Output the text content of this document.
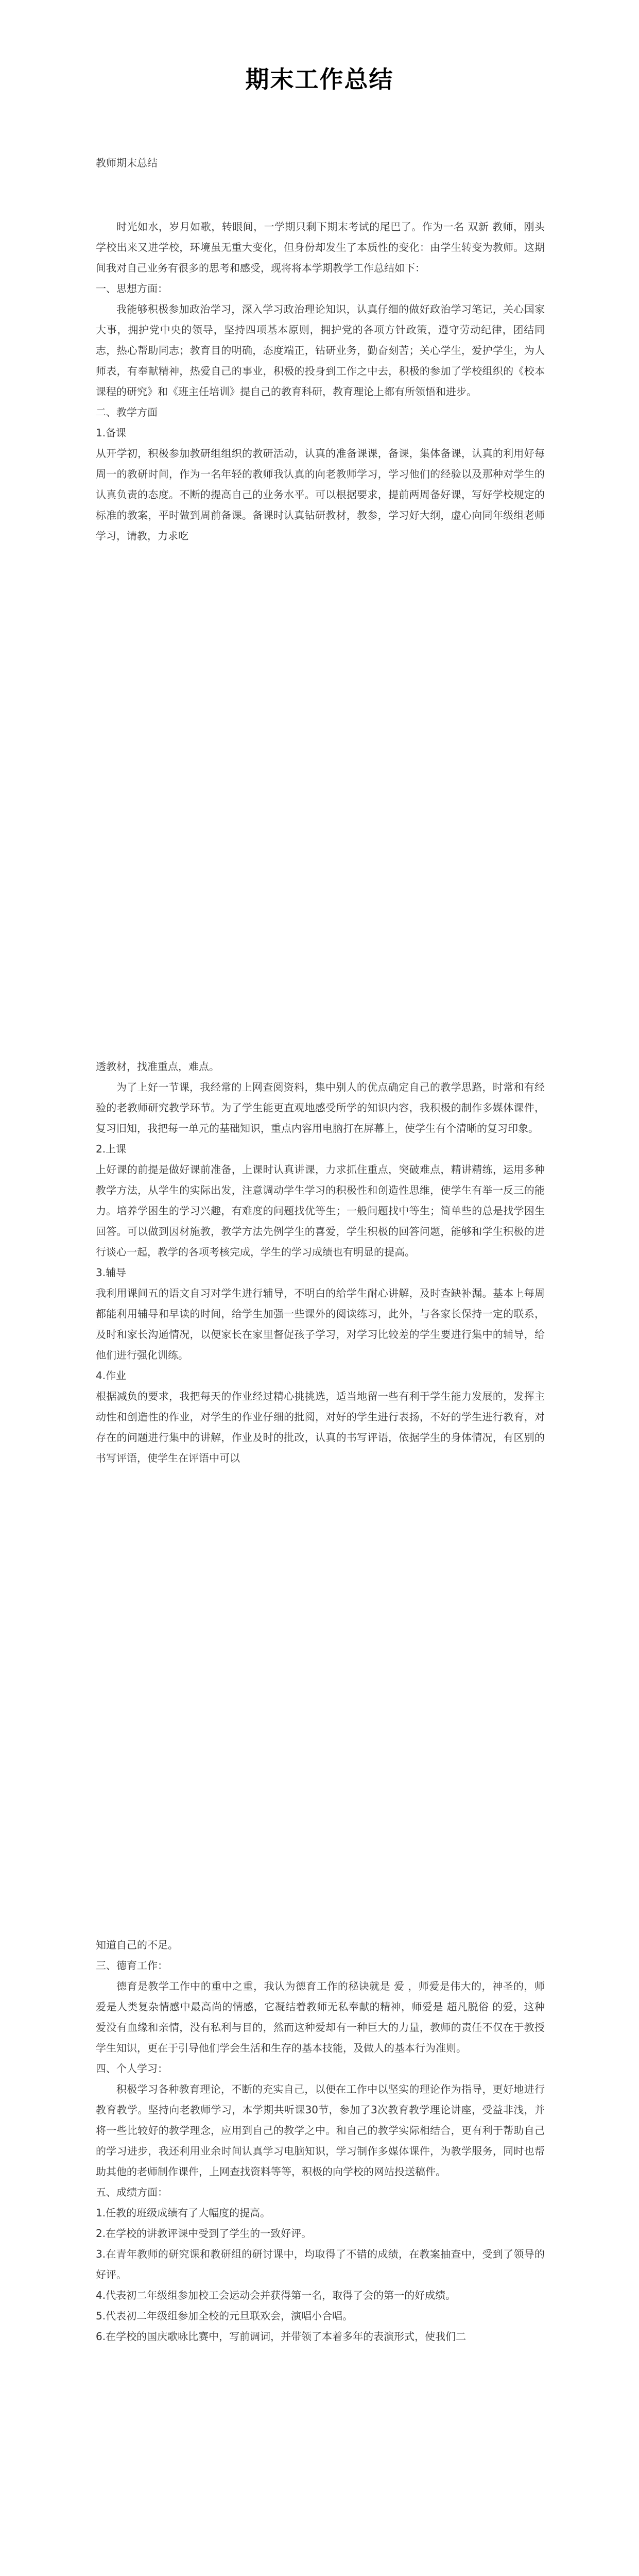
期末工作总结
教师期末总结

时光如水，岁月如歌，转眼间，一学期只剩下期末考试的尾巴了。作为一名 双新 教师，刚头学校出来又进学校，环境虽无重大变化，但身份却发生了本质性的变化：由学生转变为教师。这期间我对自己业务有很多的思考和感受，现将将本学期教学工作总结如下：

一、思想方面：

我能够积极参加政治学习，深入学习政治理论知识，认真仔细的做好政治学习笔记，关心国家大事，拥护党中央的领导，坚持四项基本原则，拥护党的各项方针政策，遵守劳动纪律，团结同志，热心帮助同志；教育目的明确，态度端正，钻研业务，勤奋刻苦；关心学生，爱护学生，为人师表，有奉献精神，热爱自己的事业，积极的投身到工作之中去，积极的参加了学校组织的《校本课程的研究》和《班主任培训》提自己的教育科研，教育理论上都有所领悟和进步。

二、教学方面

1.备课

从开学初，积极参加教研组组织的教研活动，认真的准备课课，备课，集体备课，认真的利用好每周一的教研时间，作为一名年轻的教师我认真的向老教师学习，学习他们的经验以及那种对学生的认真负责的态度。不断的提高自己的业务水平。可以根据要求，提前两周备好课，写好学校规定的标准的教案，平时做到周前备课。备课时认真钻研教材，教参，学习好大纲，虚心向同年级组老师学习，请教，力求吃

透教材，找准重点，难点。

为了上好一节课，我经常的上网查阅资料，集中别人的优点确定自己的教学思路，时常和有经验的老教师研究教学环节。为了学生能更直观地感受所学的知识内容，我积极的制作多媒体课件，复习旧知，我把每一单元的基础知识，重点内容用电脑打在屏幕上，使学生有个清晰的复习印象。

2.上课

上好课的前提是做好课前准备，上课时认真讲课，力求抓住重点，突破难点，精讲精练，运用多种教学方法，从学生的实际出发，注意调动学生学习的积极性和创造性思维，使学生有举一反三的能力。培养学困生的学习兴趣，有难度的问题找优等生；一般问题找中等生；简单些的总是找学困生回答。可以做到因材施教，教学方法先例学生的喜爱，学生积极的回答问题，能够和学生积极的进行谈心一起，教学的各项考核完成，学生的学习成绩也有明显的提高。

3.辅导

我利用课间五的语文自习对学生进行辅导，不明白的给学生耐心讲解，及时查缺补漏。基本上每周都能利用辅导和早读的时间，给学生加强一些课外的阅读练习，此外，与各家长保持一定的联系，及时和家长沟通情况，以便家长在家里督促孩子学习，对学习比较差的学生要进行集中的辅导，给他们进行强化训练。

4.作业

根据减负的要求，我把每天的作业经过精心挑挑选，适当地留一些有利于学生能力发展的，发挥主动性和创造性的作业，对学生的作业仔细的批阅，对好的学生进行表扬，不好的学生进行教育，对存在的问题进行集中的讲解，作业及时的批改，认真的书写评语，依据学生的身体情况，有区别的书写评语，使学生在评语中可以

知道自己的不足。

三、德育工作：

德育是教学工作中的重中之重，我认为德育工作的秘诀就是 爱 ，师爱是伟大的，神圣的，师爱是人类复杂情感中最高尚的情感，它凝结着教师无私奉献的精神，师爱是 超凡脱俗 的爱，这种爱没有血缘和亲情，没有私利与目的，然而这种爱却有一种巨大的力量，教师的责任不仅在于教授学生知识，更在于引导他们学会生活和生存的基本技能，及做人的基本行为准则。

四、个人学习：

积极学习各种教育理论，不断的充实自己，以便在工作中以坚实的理论作为指导，更好地进行教育教学。坚持向老教师学习，本学期共听课30节，参加了3次教育教学理论讲座，受益非浅，并将一些比较好的教学理念，应用到自己的教学之中。和自己的教学实际相结合，更有利于帮助自己的学习进步，我还利用业余时间认真学习电脑知识，学习制作多媒体课件，为教学服务，同时也帮助其他的老师制作课件，上网查找资料等等，积极的向学校的网站投送稿件。

五、成绩方面：

1.任教的班级成绩有了大幅度的提高。

2.在学校的讲教评课中受到了学生的一致好评。

3.在青年教师的研究课和教研组的研讨课中，均取得了不错的成绩，在教案抽查中，受到了领导的好评。

4.代表初二年级组参加校工会运动会并获得第一名，取得了会的第一的好成绩。

5.代表初二年级组参加全校的元旦联欢会，演唱小合唱。

6.在学校的国庆歌咏比赛中，写前调词，并带领了本着多年的表演形式，使我们二
